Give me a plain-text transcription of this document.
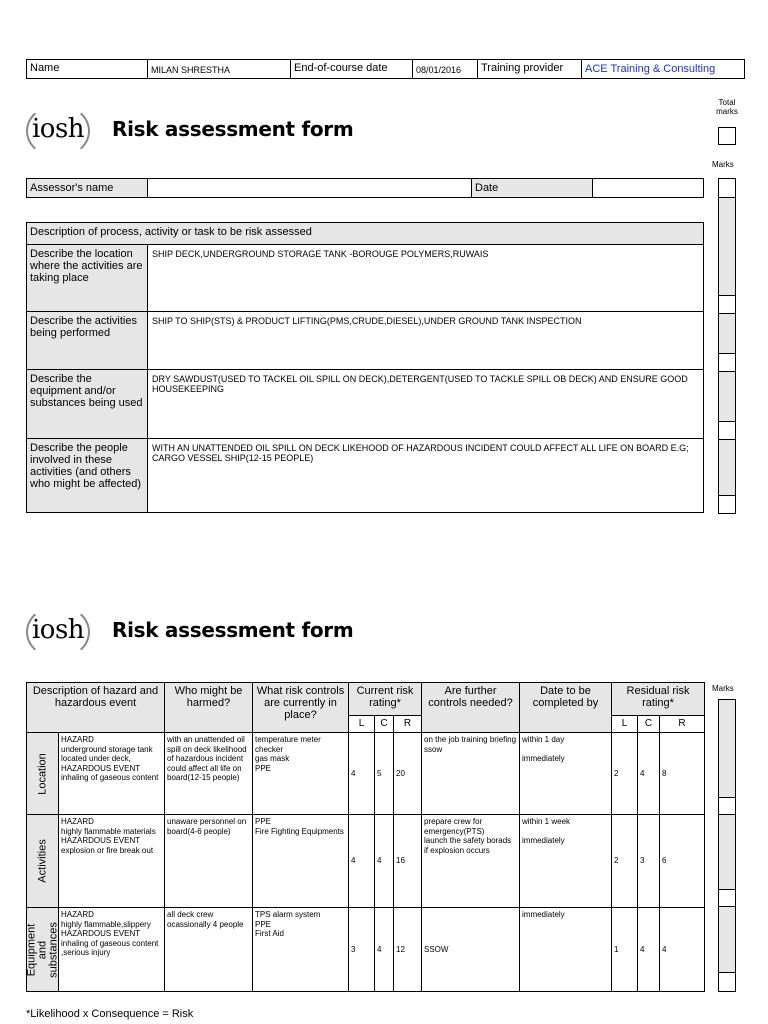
Name	MILAN SHRESTHA	End-of-course date	08/01/2016	Training provider	ACE Training & Consulting
iosh	Risk assessment form
Total marks
Marks
Assessor's name	Date
Description of process, activity or task to be risk assessed
Describe the location where the activities are taking place
SHIP DECK,UNDERGROUND STORAGE TANK -BOROUGE POLYMERS,RUWAIS
Describe the activities being performed
SHIP TO SHIP(STS) & PRODUCT LIFTING(PMS,CRUDE,DIESEL),UNDER GROUND TANK INSPECTION
Describe the equipment and/or substances being used
DRY SAWDUST(USED TO TACKEL OIL SPILL ON DECK),DETERGENT(USED TO TACKLE SPILL OB DECK) AND ENSURE GOOD HOUSEKEEPING
Describe the people involved in these activities (and others who might be affected)
WITH AN UNATTENDED OIL SPILL ON DECK LIKEHOOD OF HAZARDOUS INCIDENT COULD AFFECT ALL LIFE ON BOARD E.G; CARGO VESSEL SHIP(12-15 PEOPLE)
iosh	Risk assessment form
Marks
Description of hazard and hazardous event		Who might be harmed?	What risk controls are currently in place?	Current risk rating*			Are further controls needed?	Date to be completed by	Residual risk rating*		
				L	C	R			L	C	R

Location	HAZARD
underground storage tank located under deck,
HAZARDOUS EVENT
inhaling of gaseous content	with an unattended oil spill on deck likelihood of hazardous incident could affect all life on board(12-15 people)	temperature meter checker
gas mask
PPE	4	5	20	on the job training briefing
ssow	within 1 day

immediately	2	4	8

Activities	HAZARD
highly flammable materials
HAZARDOUS EVENT
explosion or fire break out	unaware personnel on board(4-6 people)	PPE
Fire Fighting Equipments	4	4	16	prepare crew for emergency(PTS)
launch the safety borads if explosion occurs	within 1 week

immediately	2	3	6

Equipment and substances	HAZARD
highly flammable,slippery
HAZARDOUS EVENT
inhaling of gaseous content ,serious injury	all deck crew ocassionally 4 people	TPS alarm system
PPE
First Aid	3	4	12	SSOW	immediately	1	4	4
*Likelihood x Consequence = Risk
